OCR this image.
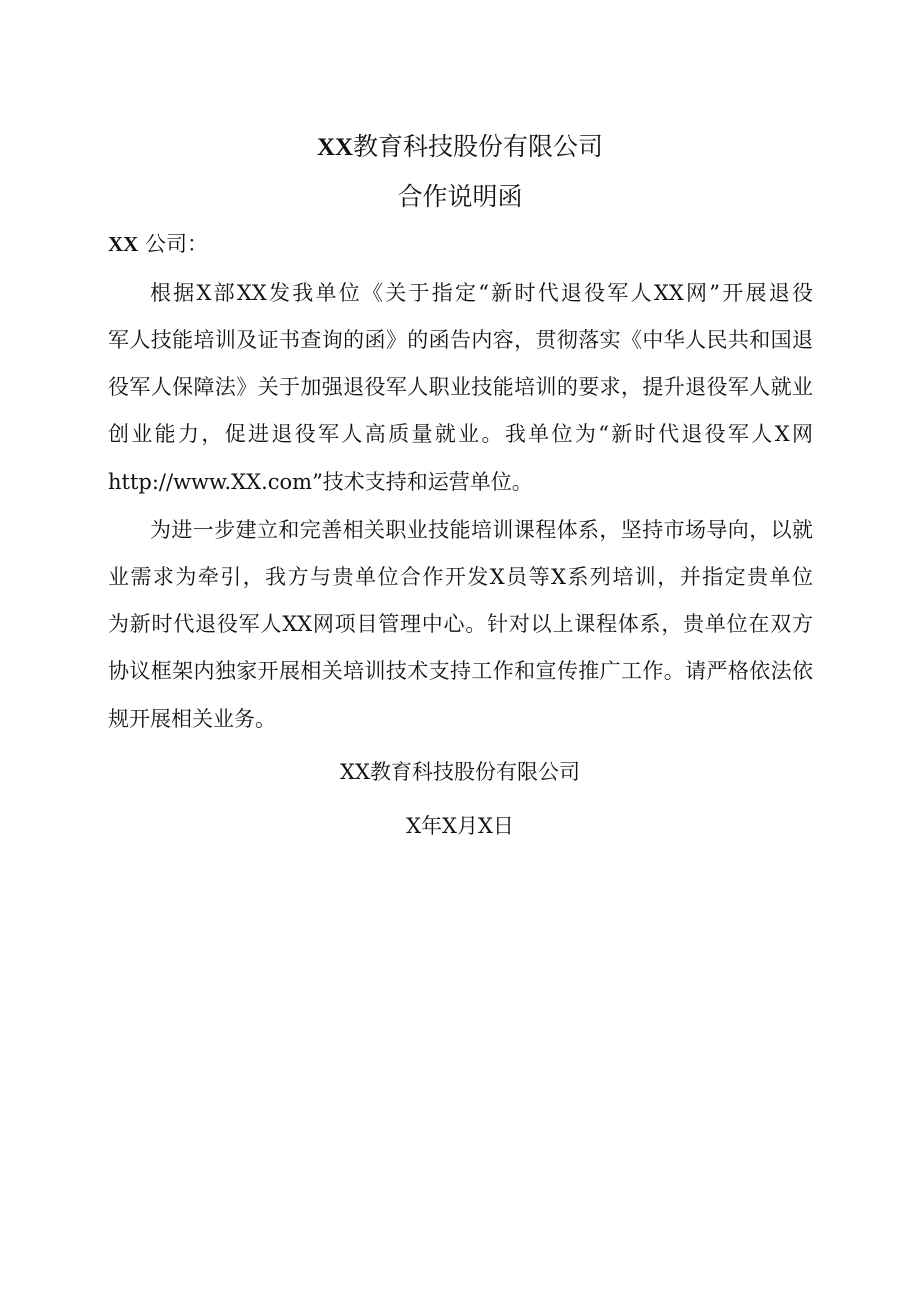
XX教育科技股份有限公司
合作说明函
XX 公司：
根据X部XX发我单位《关于指定“新时代退役军人XX网”开展退役
军人技能培训及证书查询的函》的函告内容，贯彻落实《中华人民共和国退
役军人保障法》关于加强退役军人职业技能培训的要求，提升退役军人就业
创业能力，促进退役军人高质量就业。我单位为“新时代退役军人X网
http://www.XX.com”技术支持和运营单位。
为进一步建立和完善相关职业技能培训课程体系，坚持市场导向，以就
业需求为牵引，我方与贵单位合作开发X员等X系列培训，并指定贵单位
为新时代退役军人XX网项目管理中心。针对以上课程体系，贵单位在双方
协议框架内独家开展相关培训技术支持工作和宣传推广工作。请严格依法依
规开展相关业务。
XX教育科技股份有限公司
X年X月X日
